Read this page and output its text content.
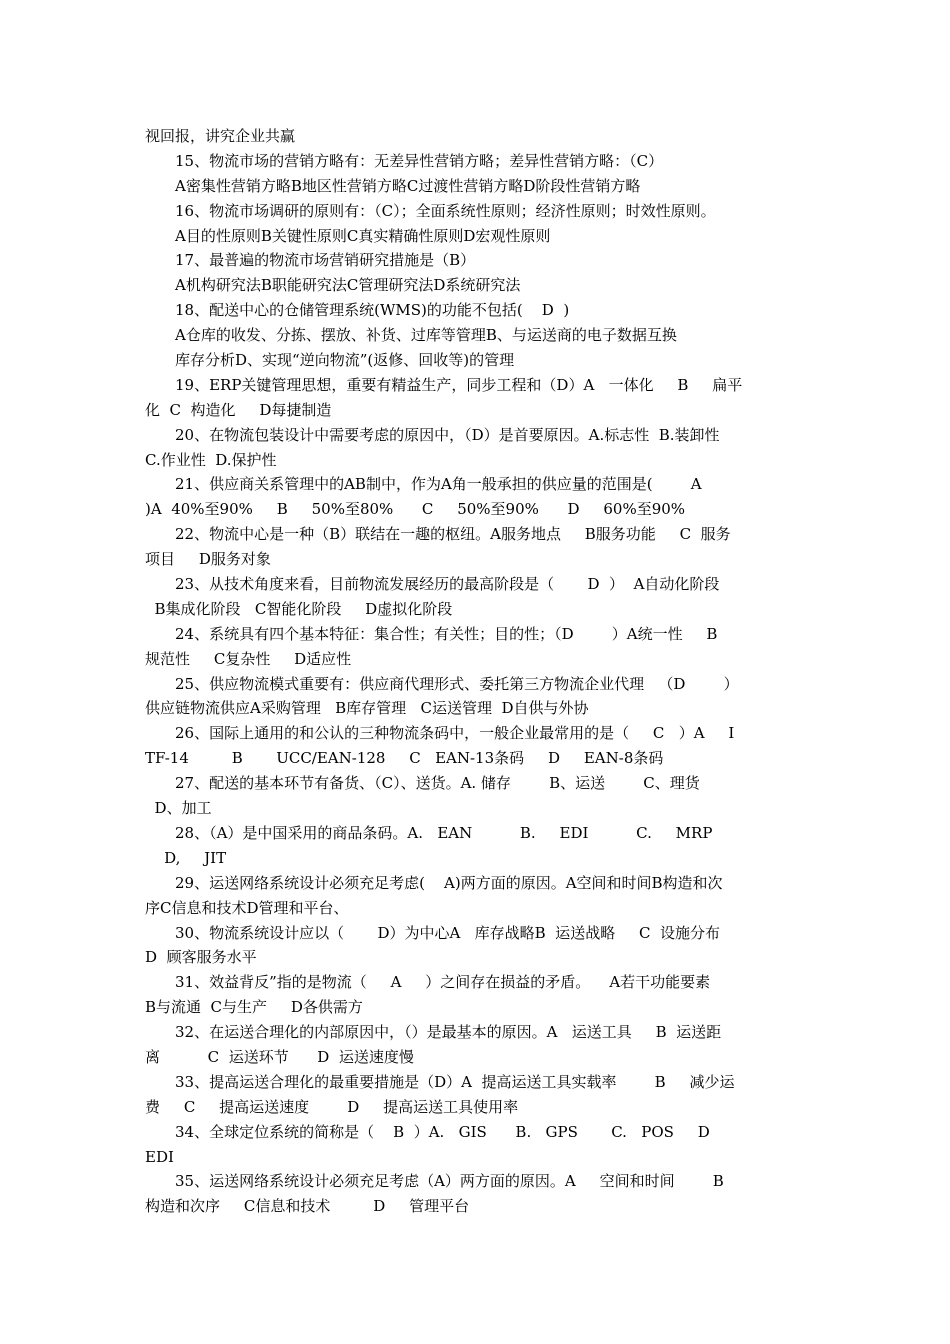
视回报，讲究企业共赢
15、物流市场的营销方略有：无差异性营销方略；差异性营销方略：（C）
A密集性营销方略B地区性营销方略C过渡性营销方略D阶段性营销方略
16、物流市场调研的原则有：（C）；全面系统性原则；经济性原则；时效性原则。
A目的性原则B关键性原则C真实精确性原则D宏观性原则
17、最普遍的物流市场营销研究措施是（B）
A机构研究法B职能研究法C管理研究法D系统研究法
18、配送中心的仓储管理系统(WMS)的功能不包括(    D  )
A仓库的收发、分拣、摆放、补货、过库等管理B、与运送商的电子数据互换
库存分析D、实现“逆向物流”(返修、回收等)的管理
19、ERP关键管理思想，重要有精益生产，同步工程和（D）A   一体化     B     扁平
化  C  构造化     D每捷制造
20、在物流包装设计中需要考虑的原因中，（D）是首要原因。A.标志性  B.装卸性
C.作业性  D.保护性
21、供应商关系管理中的AB制中，作为A角一般承担的供应量的范围是(        A
)A  40%至90%     B     50%至80%      C     50%至90%      D     60%至90%
22、物流中心是一种（B）联结在一趣的枢纽。A服务地点     B服务功能     C  服务
项目     D服务对象
23、从技术角度来看，目前物流发展经历的最高阶段是（       D  ）  A自动化阶段
B集成化阶段   C智能化阶段     D虚拟化阶段
24、系统具有四个基本特征：集合性；有关性；目的性；（D        ）A统一性     B
规范性     C复杂性     D适应性
25、供应物流模式重要有：供应商代理形式、委托第三方物流企业代理   （D        ）
供应链物流供应A采购管理   B库存管理   C运送管理  D自供与外协
26、国际上通用的和公认的三种物流条码中，一般企业最常用的是（     C   ）A     I
TF-14         B       UCC/EAN-128     C   EAN-13条码     D     EAN-8条码
27、配送的基本环节有备货、（C）、送货。A. 储存        B、运送        C、理货
D、加工
28、（A）是中国采用的商品条码。A.   EAN          B.     EDI          C.     MRP
D,     JIT
29、运送网络系统设计必须充足考虑(    A)两方面的原因。A空间和时间B构造和次
序C信息和技术D管理和平台、
30、物流系统设计应以（       D）为中心A   库存战略B  运送战略     C  设施分布
D  顾客服务水平
31、效益背反”指的是物流（     A     ）之间存在损益的矛盾。    A若干功能要素
B与流通  C与生产     D各供需方
32、在运送合理化的内部原因中，（）是最基本的原因。A   运送工具     B  运送距
离          C  运送环节      D  运送速度慢
33、提高运送合理化的最重要措施是（D）A  提高运送工具实载率        B     减少运
费     C     提高运送速度        D     提高运送工具使用率
34、全球定位系统的简称是（    B  ）A.   GIS      B.   GPS       C.   POS     D
EDI
35、运送网络系统设计必须充足考虑（A）两方面的原因。A     空间和时间        B
构造和次序     C信息和技术         D     管理平台
